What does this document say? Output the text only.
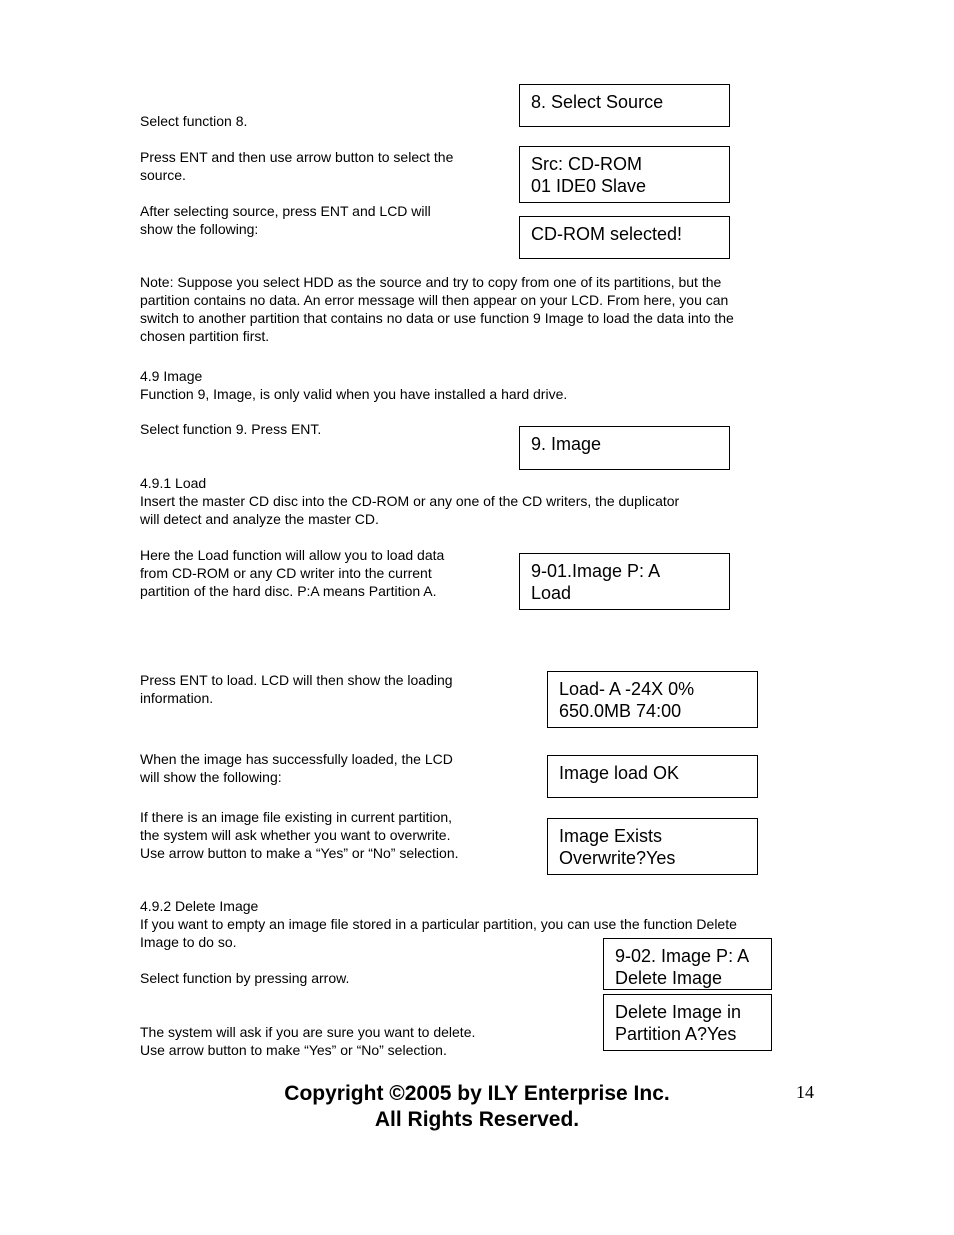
Select function 8.
Press ENT and then use arrow button to select the
source.
After selecting source, press ENT and LCD will
show the following:
Note: Suppose you select HDD as the source and try to copy from one of its partitions, but the
partition contains no data. An error message will then appear on your LCD. From here, you can
switch to another partition that contains no data or use function 9 Image to load the data into the
chosen partition first.
4.9 Image
Function 9, Image, is only valid when you have installed a hard drive.
Select function 9. Press ENT.
4.9.1 Load
Insert the master CD disc into the CD-ROM or any one of the CD writers, the duplicator
will detect and analyze the master CD.
Here the Load function will allow you to load data
from CD-ROM or any CD writer into the current
partition of the hard disc. P:A means Partition A.
Press ENT to load. LCD will then show the loading
information.
When the image has successfully loaded, the LCD
will show the following:
If there is an image file existing in current partition,
the system will ask whether you want to overwrite.
Use arrow button to make a “Yes” or “No” selection.
4.9.2 Delete Image
If you want to empty an image file stored in a particular partition, you can use the function Delete
Image to do so.
Select function by pressing arrow.
The system will ask if you are sure you want to delete.
Use arrow button to make “Yes” or “No” selection.
8. Select Source
Src: CD-ROM
01 IDE0 Slave
CD-ROM selected!
9. Image
9-01.Image P: A
Load
Load- A -24X 0%
650.0MB 74:00
Image load OK
Image Exists
Overwrite?Yes
9-02. Image P: A
Delete Image
Delete Image in
Partition A?Yes
Copyright ©2005 by ILY Enterprise Inc.
All Rights Reserved.
14
